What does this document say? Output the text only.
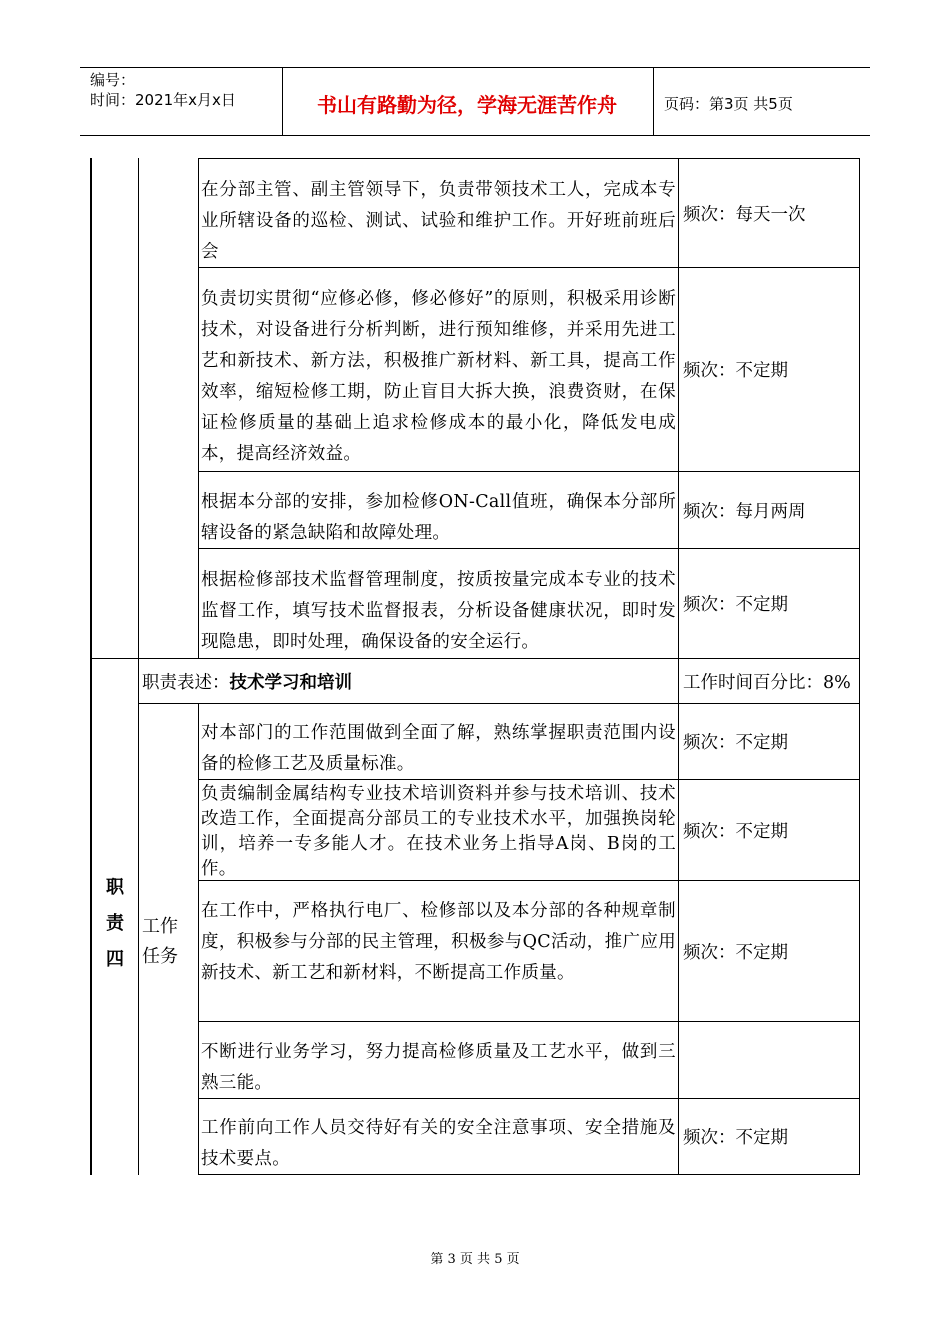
编号：
时间：2021年x月x日	书山有路勤为径，学海无涯苦作舟	页码：第3页 共5页
在分部主管、副主管领导下，负责带领技术工人，完成本专业所辖设备的巡检、测试、试验和维护工作。开好班前班后会
频次：每天一次
负责切实贯彻“应修必修，修必修好”的原则，积极采用诊断技术，对设备进行分析判断，进行预知维修，并采用先进工艺和新技术、新方法，积极推广新材料、新工具，提高工作效率，缩短检修工期，防止盲目大拆大换，浪费资财，在保证检修质量的基础上追求检修成本的最小化，降低发电成本，提高经济效益。
频次：不定期
根据本分部的安排，参加检修ON-Call值班，确保本分部所辖设备的紧急缺陷和故障处理。
频次：每月两周
根据检修部技术监督管理制度，按质按量完成本专业的技术监督工作，填写技术监督报表，分析设备健康状况，即时发现隐患，即时处理，确保设备的安全运行。
频次：不定期
职
责
四
职责表述： 技术学习和培训	工作时间百分比：8%
工作
任务
对本部门的工作范围做到全面了解，熟练掌握职责范围内设备的检修工艺及质量标准。
频次：不定期
负责编制金属结构专业技术培训资料并参与技术培训、技术改造工作，全面提高分部员工的专业技术水平，加强换岗轮训，培养一专多能人才。在技术业务上指导A岗、B岗的工作。
频次：不定期
在工作中，严格执行电厂、检修部以及本分部的各种规章制度，积极参与分部的民主管理，积极参与QC活动，推广应用新技术、新工艺和新材料，不断提高工作质量。
频次：不定期
不断进行业务学习，努力提高检修质量及工艺水平，做到三熟三能。
工作前向工作人员交待好有关的安全注意事项、安全措施及技术要点。
频次：不定期
第 3 页 共 5 页
